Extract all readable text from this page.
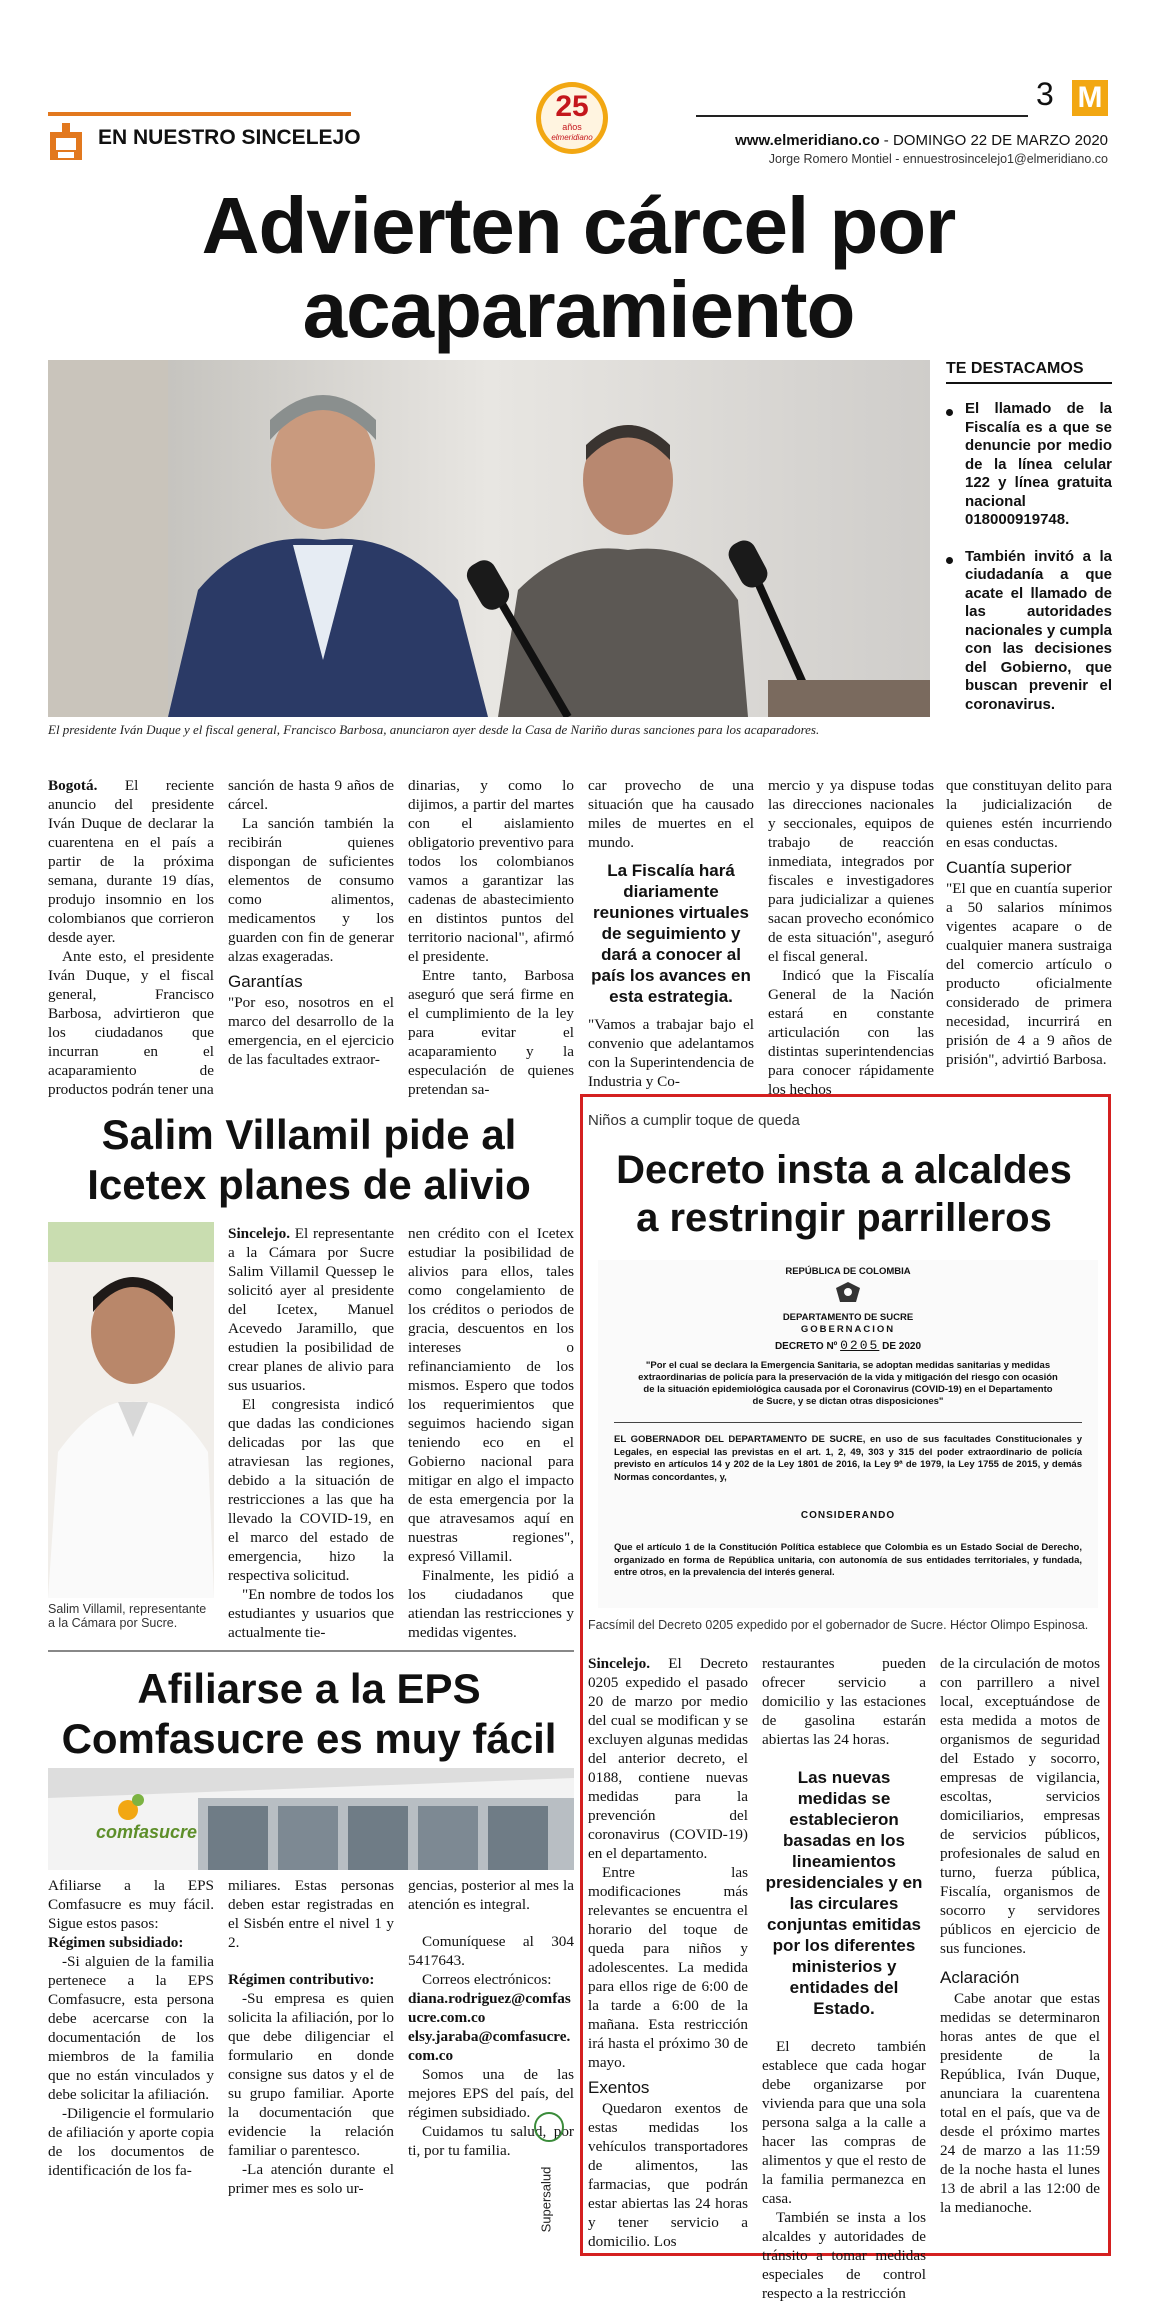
EN NUESTRO SINCELEJO
25
años
elmeridiano
3 M
www.elmeridiano.co - DOMINGO 22 DE MARZO 2020
Jorge Romero Montiel - ennuestrosincelejo1@elmeridiano.co
Advierten cárcel por
acaparamiento
El presidente Iván Duque y el fiscal general, Francisco Barbosa, anunciaron ayer desde la Casa de Nariño duras sanciones para los acaparadores.
TE DESTACAMOS
El llamado de la Fiscalía es a que se denuncie por medio de la línea celular 122 y línea gratuita nacional 018000919748.
También invitó a la ciudadanía a que acate el llamado de las autoridades nacionales y cumpla con las decisiones del Gobierno, que buscan prevenir el coronavirus.

Bogotá. El reciente anuncio del presidente Iván Duque de declarar la cuarentena en el país a partir de la próxima semana, durante 19 días, produjo insomnio en los colombianos que corrieron desde ayer.

Ante esto, el presidente Iván Duque, y el fiscal general, Francisco Barbosa, advirtieron que los ciudadanos que incurran en el acaparamiento de productos podrán tener una

sanción de hasta 9 años de cárcel.

La sanción también la recibirán quienes dispongan de suficientes elementos de consumo como alimentos, medicamentos y los guarden con fin de generar alzas exageradas.

Garantías

"Por eso, nosotros en el marco del desarrollo de la emergencia, en el ejercicio de las facultades extraor-

dinarias, y como lo dijimos, a partir del martes con el aislamiento obligatorio preventivo para todos los colombianos vamos a garantizar las cadenas de abastecimiento en distintos puntos del territorio nacional", afirmó el presidente.

Entre tanto, Barbosa aseguró que será firme en el cumplimiento de la ley para evitar el acaparamiento y la especulación de quienes pretendan sa-

car provecho de una situación que ha causado miles de muertes en el mundo.

La Fiscalía hará diariamente reuniones virtuales de seguimiento y dará a conocer al país los avances en esta estrategia.

"Vamos a trabajar bajo el convenio que adelantamos con la Superintendencia de Industria y Co-

mercio y ya dispuse todas las direcciones nacionales y seccionales, equipos de trabajo de reacción inmediata, integrados por fiscales e investigadores para judicializar a quienes sacan provecho económico de esta situación", aseguró el fiscal general.

Indicó que la Fiscalía General de la Nación estará en constante articulación con las distintas superintendencias para conocer rápidamente los hechos

que constituyan delito para la judicialización de quienes estén incurriendo en esas conductas.

Cuantía superior

"El que en cuantía superior a 50 salarios mínimos vigentes acapare o de cualquier manera sustraiga del comercio artículo o producto oficialmente considerado de primera necesidad, incurrirá en prisión de 4 a 9 años de prisión", advirtió Barbosa.

Salim Villamil pide al
Icetex planes de alivio
Salim Villamil, representante a la Cámara por Sucre.

Sincelejo. El representante a la Cámara por Sucre Salim Villamil Quessep le solicitó ayer al presidente del Icetex, Manuel Acevedo Jaramillo, que estudien la posibilidad de crear planes de alivio para sus usuarios.

El congresista indicó que dadas las condiciones delicadas por las que atraviesan las regiones, debido a la situación de restricciones a las que ha llevado la COVID-19, en el marco del estado de emergencia, hizo la respectiva solicitud.

"En nombre de todos los estudiantes y usuarios que actualmente tie-

nen crédito con el Icetex estudiar la posibilidad de alivios para ellos, tales como congelamiento de los créditos o periodos de gracia, descuentos en los intereses o refinanciamiento de los mismos. Espero que todos los requerimientos que seguimos haciendo sigan teniendo eco en el Gobierno nacional para mitigar en algo el impacto de esta emergencia por la que atravesamos aquí en nuestras regiones", expresó Villamil.

Finalmente, les pidió a los ciudadanos que atiendan las restricciones y medidas vigentes.

Afiliarse a la EPS
Comfasucre es muy fácil
comfasucre

Afiliarse a la EPS Comfasucre es muy fácil. Sigue estos pasos:

Régimen subsidiado:

-Si alguien de la familia pertenece a la EPS Comfasucre, esta persona debe acercarse con la documentación de los miembros de la familia que no están vinculados y debe solicitar la afiliación.

-Diligencie el formulario de afiliación y aporte copia de los documentos de identificación de los fa-

miliares. Estas personas deben estar registradas en el Sisbén entre el nivel 1 y 2.

Régimen contributivo:

-Su empresa es quien solicita la afiliación, por lo que debe diligenciar el formulario en donde consigne sus datos y el de su grupo familiar. Aporte la documentación que evidencie la relación familiar o parentesco.

-La atención durante el primer mes es solo ur-

gencias, posterior al mes la atención es integral.

Comuníquese al 304 5417643.

Correos electrónicos:

diana.rodriguez@comfasucre.com.co

elsy.jaraba@comfasucre.com.co

Somos una de las mejores EPS del país, del régimen subsidiado.

Cuidamos tu salud, por ti, por tu familia.

Supersalud
Niños a cumplir toque de queda
Decreto insta a alcaldes
a restringir parrilleros
REPÚBLICA DE COLOMBIA
DEPARTAMENTO DE SUCRE
GOBERNACION
DECRETO Nº 0205 DE 2020
"Por el cual se declara la Emergencia Sanitaria, se adoptan medidas sanitarias y medidas extraordinarias de policía para la preservación de la vida y mitigación del riesgo con ocasión de la situación epidemiológica causada por el Coronavirus (COVID-19) en el Departamento de Sucre, y se dictan otras disposiciones"
EL GOBERNADOR DEL DEPARTAMENTO DE SUCRE, en uso de sus facultades Constitucionales y Legales, en especial las previstas en el art. 1, 2, 49, 303 y 315 del poder extraordinario de policía previsto en artículos 14 y 202 de la Ley 1801 de 2016, la Ley 9ª de 1979, la Ley 1755 de 2015, y demás Normas concordantes, y,
CONSIDERANDO
Que el artículo 1 de la Constitución Política establece que Colombia es un Estado Social de Derecho, organizado en forma de República unitaria, con autonomía de sus entidades territoriales, y fundada, entre otros, en la prevalencia del interés general.
Facsímil del Decreto 0205 expedido por el gobernador de Sucre. Héctor Olimpo Espinosa.

Sincelejo. El Decreto 0205 expedido el pasado 20 de marzo por medio del cual se modifican y se excluyen algunas medidas del anterior decreto, el 0188, contiene nuevas medidas para la prevención del coronavirus (COVID-19) en el departamento.

Entre las modificaciones más relevantes se encuentra el horario del toque de queda para niños y adolescentes. La medida para ellos rige de 6:00 de la tarde a 6:00 de la mañana. Esta restricción irá hasta el próximo 30 de mayo.

Exentos

Quedaron exentos de estas medidas los vehículos transportadores de alimentos, las farmacias, que podrán estar abiertas las 24 horas y tener servicio a domicilio. Los

restaurantes pueden ofrecer servicio a domicilio y las estaciones de gasolina estarán abiertas las 24 horas.

Las nuevas medidas se establecieron basadas en los lineamientos presidenciales y en las circulares conjuntas emitidas por los diferentes ministerios y entidades del Estado.

El decreto también establece que cada hogar debe organizarse por vivienda para que una sola persona salga a la calle a hacer las compras de alimentos y que el resto de la familia permanezca en casa.

También se insta a los alcaldes y autoridades de tránsito a tomar medidas especiales de control respecto a la restricción

de la circulación de motos con parrillero a nivel local, exceptuándose de esta medida a motos de organismos de seguridad del Estado y socorro, empresas de vigilancia, escoltas, servicios domiciliarios, empresas de servicios públicos, profesionales de salud en turno, fuerza pública, Fiscalía, organismos de socorro y servidores públicos en ejercicio de sus funciones.

Aclaración

Cabe anotar que estas medidas se determinaron horas antes de que el presidente de la República, Iván Duque, anunciara la cuarentena total en el país, que va de desde el próximo martes 24 de marzo a las 11:59 de la noche hasta el lunes 13 de abril a las 12:00 de la medianoche.
